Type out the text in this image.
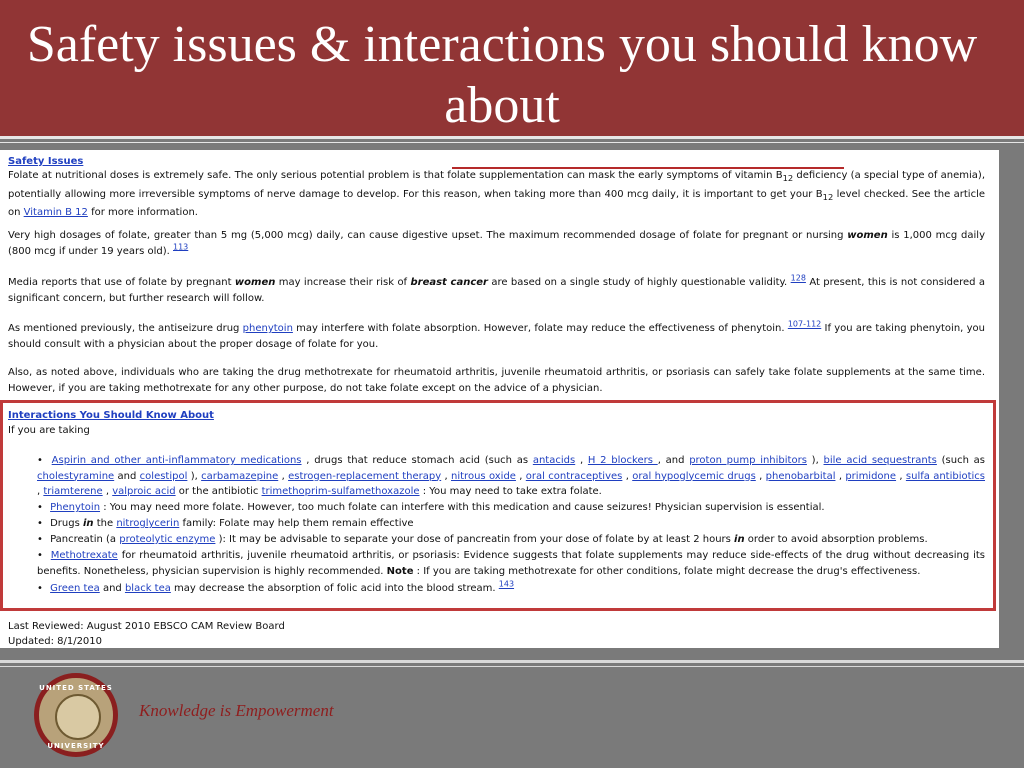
Safety issues & interactions you should know about
Safety Issues

Folate at nutritional doses is extremely safe. The only serious potential problem is that folate supplementation can mask the early symptoms of vitamin $B_{12}$ deficiency (a special type of anemia), potentially allowing more irreversible symptoms of nerve damage to develop. For this reason, when taking more than 400 mcg daily, it is important to get your $B_{12}$ level checked. See the article on Vitamin B 12 for more information.

Very high dosages of folate, greater than 5 mg (5,000 mcg) daily, can cause digestive upset. The maximum recommended dosage of folate for pregnant or nursing women is 1,000 mcg daily (800 mcg if under 19 years old). $^{113}$

Media reports that use of folate by pregnant women may increase their risk of breast cancer are based on a single study of highly questionable validity. $^{128}$ At present, this is not considered a significant concern, but further research will follow.

As mentioned previously, the antiseizure drug phenytoin may interfere with folate absorption. However, folate may reduce the effectiveness of phenytoin. $^{107-112}$ If you are taking phenytoin, you should consult with a physician about the proper dosage of folate for you.

Also, as noted above, individuals who are taking the drug methotrexate for rheumatoid arthritis, juvenile rheumatoid arthritis, or psoriasis can safely take folate supplements at the same time. However, if you are taking methotrexate for any other purpose, do not take folate except on the advice of a physician.

Interactions You Should Know About
If you are taking

• Aspirin and other anti-inflammatory medications , drugs that reduce stomach acid (such as antacids , H 2 blockers , and proton pump inhibitors ), bile acid sequestrants (such as cholestyramine and colestipol ), carbamazepine , estrogen-replacement therapy , nitrous oxide , oral contraceptives , oral hypoglycemic drugs , phenobarbital , primidone , sulfa antibiotics , triamterene , valproic acid or the antibiotic trimethoprim-sulfamethoxazole : You may need to take extra folate.

• Phenytoin : You may need more folate. However, too much folate can interfere with this medication and cause seizures! Physician supervision is essential.

• Drugs in the nitroglycerin family: Folate may help them remain effective

• Pancreatin (a proteolytic enzyme ): It may be advisable to separate your dose of pancreatin from your dose of folate by at least 2 hours in order to avoid absorption problems.

• Methotrexate for rheumatoid arthritis, juvenile rheumatoid arthritis, or psoriasis: Evidence suggests that folate supplements may reduce side-effects of the drug without decreasing its benefits. Nonetheless, physician supervision is highly recommended. Note : If you are taking methotrexate for other conditions, folate might decrease the drug's effectiveness.

• Green tea and black tea may decrease the absorption of folic acid into the blood stream. $^{143}$

Last Reviewed: August 2010 EBSCO CAM Review Board
Updated: 8/1/2010
UNITED STATES
UNIVERSITY
Knowledge is Empowerment
